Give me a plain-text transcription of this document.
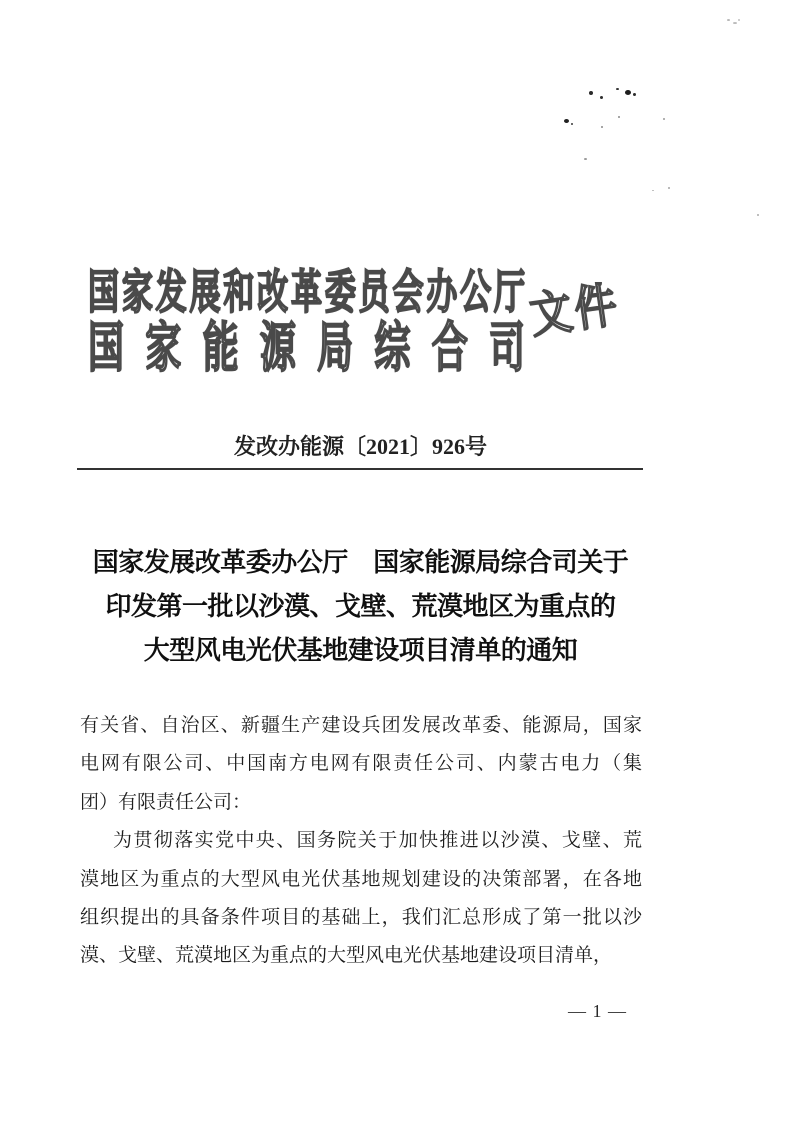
国家发展和改革委员会办公厅
国家能源局综合司
文件
发改办能源〔2021〕926号
国家发展改革委办公厅　国家能源局综合司关于
印发第一批以沙漠、戈壁、荒漠地区为重点的
大型风电光伏基地建设项目清单的通知
有关省、自治区、新疆生产建设兵团发展改革委、能源局，国家
电网有限公司、中国南方电网有限责任公司、内蒙古电力（集
团）有限责任公司：
为贯彻落实党中央、国务院关于加快推进以沙漠、戈壁、荒
漠地区为重点的大型风电光伏基地规划建设的决策部署，在各地
组织提出的具备条件项目的基础上，我们汇总形成了第一批以沙
漠、戈壁、荒漠地区为重点的大型风电光伏基地建设项目清单，
— 1 —
